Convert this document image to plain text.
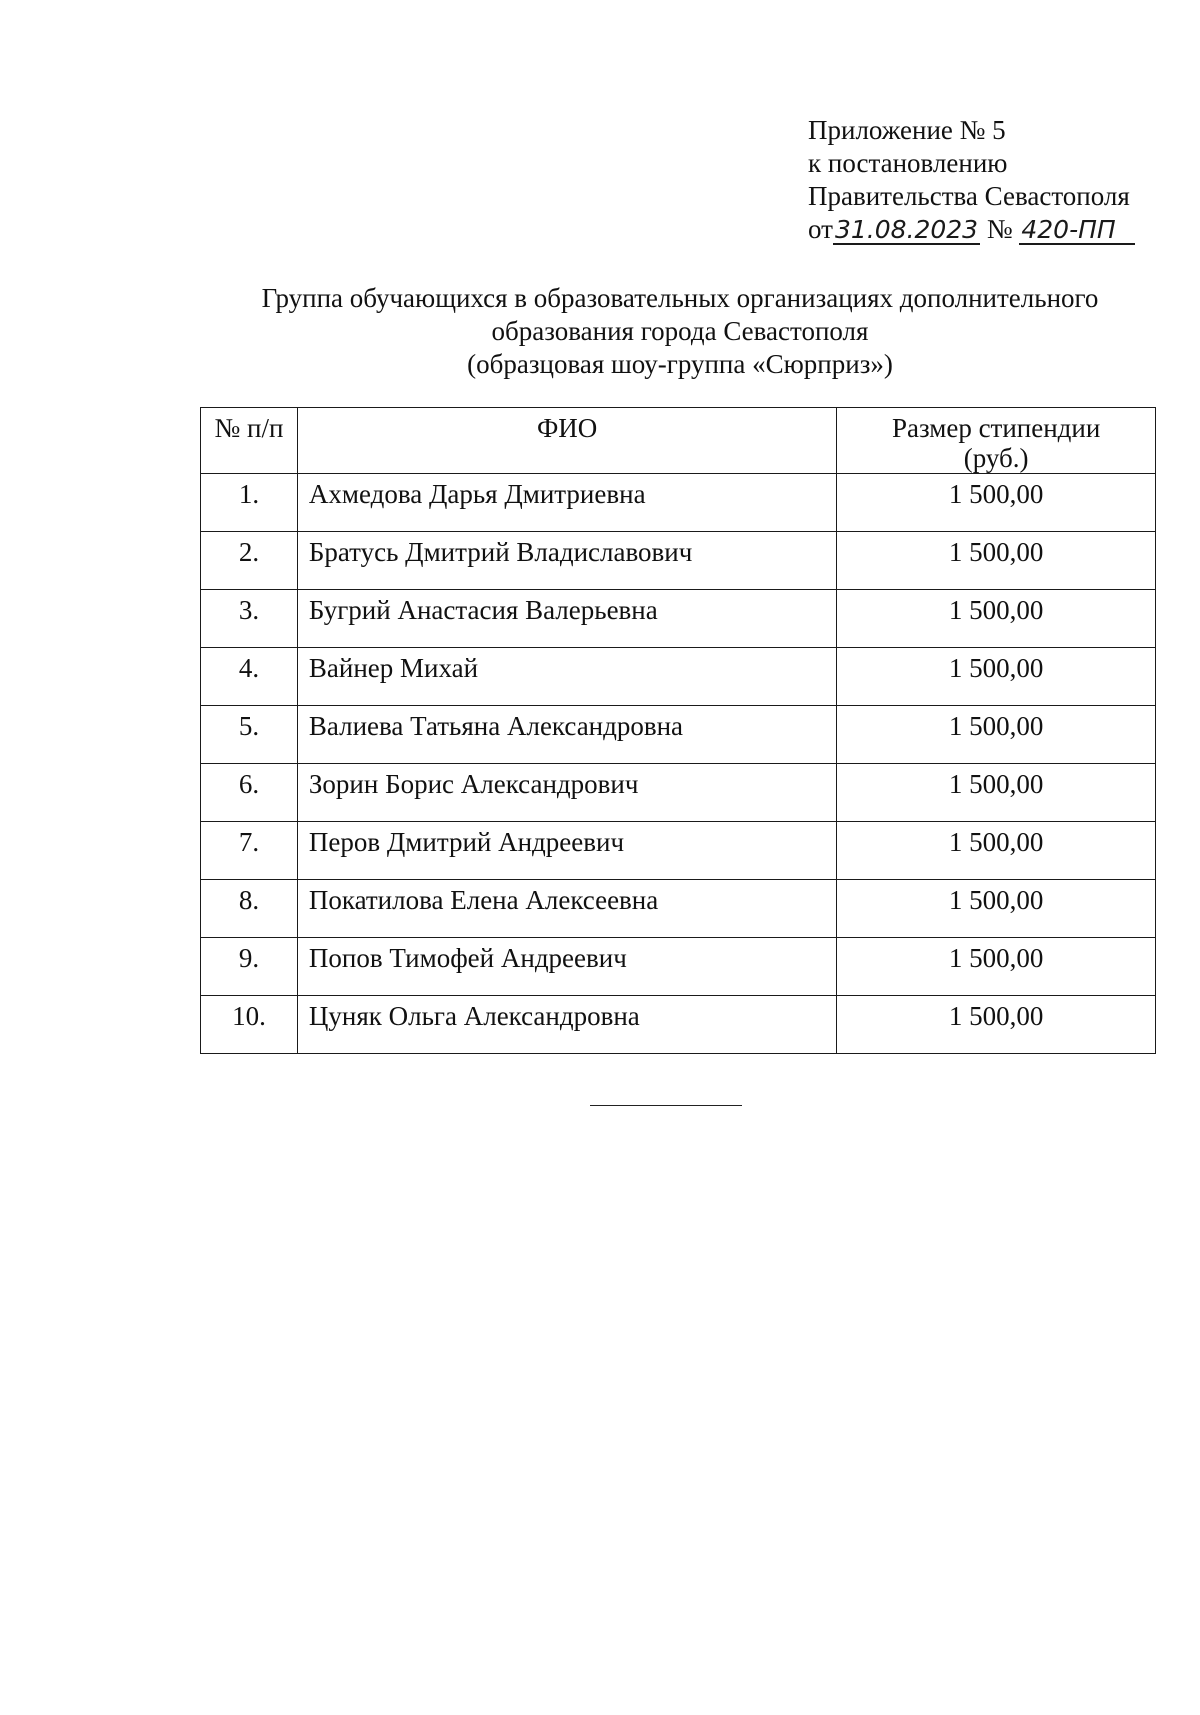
Приложение № 5
к постановлению
Правительства Севастополя
от31.08.2023 № 420-ПП
Группа обучающихся в образовательных организациях дополнительного
образования города Севастополя
(образцовая шоу-группа «Сюрприз»)
№ п/п	ФИО	Размер стипендии
(руб.)

1.	Ахмедова Дарья Дмитриевна	1 500,00
2.	Братусь Дмитрий Владиславович	1 500,00
3.	Бугрий Анастасия Валерьевна	1 500,00
4.	Вайнер Михай	1 500,00
5.	Валиева Татьяна Александровна	1 500,00
6.	Зорин Борис Александрович	1 500,00
7.	Перов Дмитрий Андреевич	1 500,00
8.	Покатилова Елена Алексеевна	1 500,00
9.	Попов Тимофей Андреевич	1 500,00
10.	Цуняк Ольга Александровна	1 500,00
